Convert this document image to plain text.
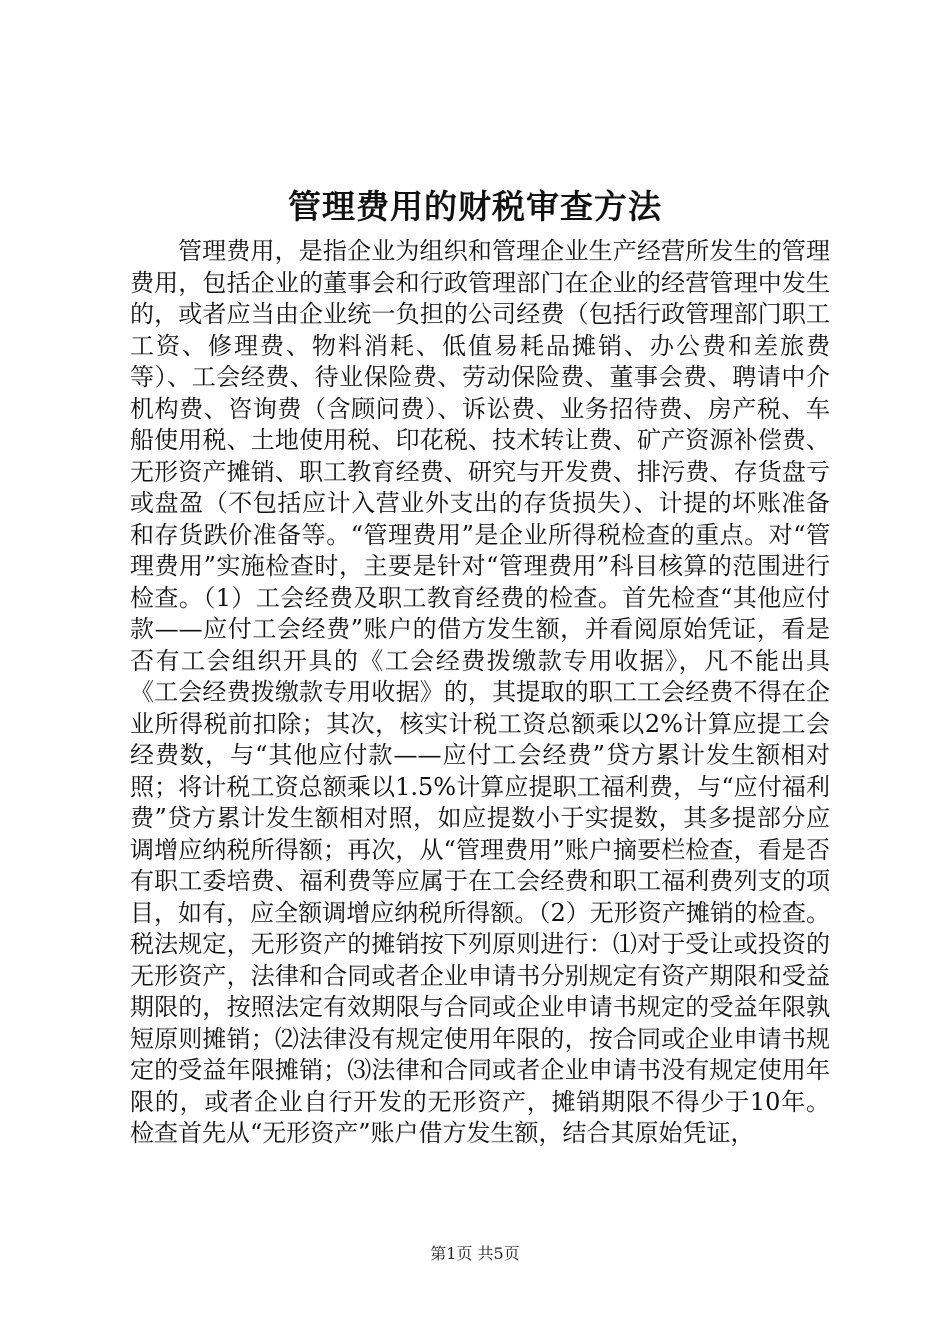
管理费用的财税审查方法

管理费用，是指企业为组织和管理企业生产经营所发生的管理费用，包括企业的董事会和行政管理部门在企业的经营管理中发生的，或者应当由企业统一负担的公司经费（包括行政管理部门职工工资、修理费、物料消耗、低值易耗品摊销、办公费和差旅费等）、工会经费、待业保险费、劳动保险费、董事会费、聘请中介机构费、咨询费（含顾问费）、诉讼费、业务招待费、房产税、车船使用税、土地使用税、印花税、技术转让费、矿产资源补偿费、无形资产摊销、职工教育经费、研究与开发费、排污费、存货盘亏或盘盈（不包括应计入营业外支出的存货损失）、计提的坏账准备和存货跌价准备等。“管理费用”是企业所得税检查的重点。对“管理费用”实施检查时，主要是针对“管理费用”科目核算的范围进行检查。（1）工会经费及职工教育经费的检查。首先检查“其他应付款——应付工会经费”账户的借方发生额，并看阅原始凭证，看是否有工会组织开具的《工会经费拨缴款专用收据》，凡不能出具《工会经费拨缴款专用收据》的，其提取的职工工会经费不得在企业所得税前扣除；其次，核实计税工资总额乘以2%计算应提工会经费数，与“其他应付款——应付工会经费”贷方累计发生额相对照；将计税工资总额乘以1.5%计算应提职工福利费，与“应付福利费”贷方累计发生额相对照，如应提数小于实提数，其多提部分应调增应纳税所得额；再次，从“管理费用”账户摘要栏检查，看是否有职工委培费、福利费等应属于在工会经费和职工福利费列支的项目，如有，应全额调增应纳税所得额。（2）无形资产摊销的检查。税法规定，无形资产的摊销按下列原则进行：⑴对于受让或投资的无形资产，法律和合同或者企业申请书分别规定有资产期限和受益期限的，按照法定有效期限与合同或企业申请书规定的受益年限孰短原则摊销；⑵法律没有规定使用年限的，按合同或企业申请书规定的受益年限摊销；⑶法律和合同或者企业申请书没有规定使用年限的，或者企业自行开发的无形资产，摊销期限不得少于10年。检查首先从“无形资产”账户借方发生额，结合其原始凭证，

第1页 共5页
